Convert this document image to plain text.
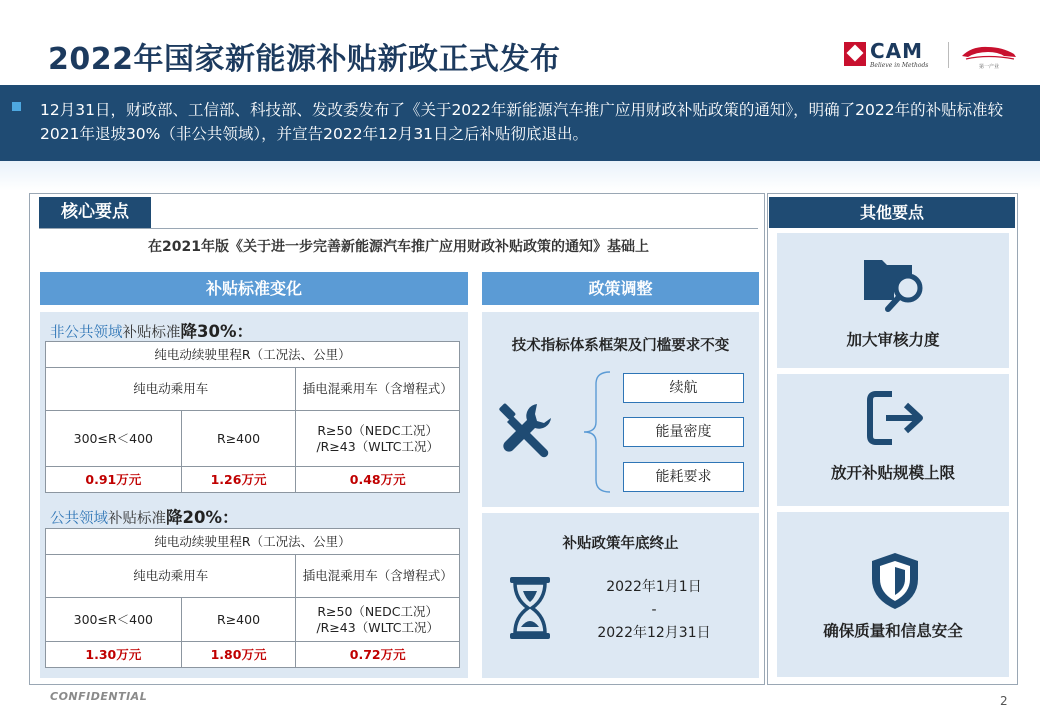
2022年国家新能源补贴新政正式发布	CAM
Believe in Methods	第一产业
12月31日，财政部、工信部、科技部、发改委发布了《关于2022年新能源汽车推广应用财政补贴政策的通知》，明确了2022年的补贴标准较2021年退坡30%（非公共领域），并宣告2022年12月31日之后补贴彻底退出。
核心要点
在2021年版《关于进一步完善新能源汽车推广应用财政补贴政策的通知》基础上
补贴标准变化	政策调整
非公共领域补贴标准降30%：
纯电动续驶里程R（工况法、公里）		
纯电动乘用车		插电混乘用车（含增程式）
300≤R＜400	R≥400	R≥50（NEDC工况）
/R≥43（WLTC工况）
0.91万元	1.26万元	0.48万元
公共领域补贴标准降20%：
纯电动续驶里程R（工况法、公里）		
纯电动乘用车		插电混乘用车（含增程式）
300≤R＜400	R≥400	R≥50（NEDC工况）
/R≥43（WLTC工况）
1.30万元	1.80万元	0.72万元
技术指标体系框架及门槛要求不变
续航
能量密度
能耗要求
补贴政策年底终止
2022年1月1日
-
2022年12月31日
其他要点
加大审核力度
放开补贴规模上限
确保质量和信息安全
CONFIDENTIAL	2
